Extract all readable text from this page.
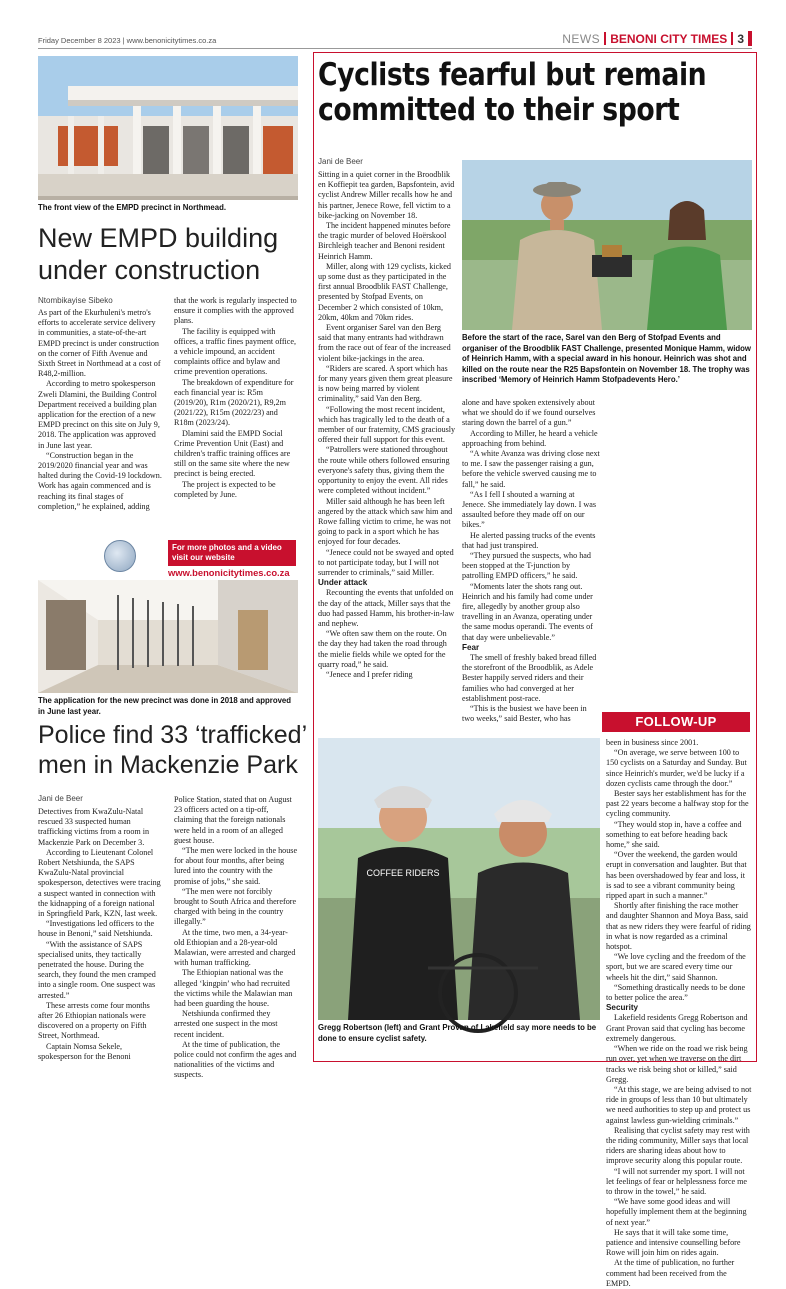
Friday December 8 2023 | www.benonicitytimes.co.za	NEWS BENONI CITY TIMES 3
The front view of the EMPD precinct in Northmead.
New EMPD building
under construction
Ntombikayise Sibeko

As part of the Ekurhuleni's metro's efforts to accelerate service delivery in communities, a state-of-the-art EMPD precinct is under construction on the corner of Fifth Avenue and Sixth Street in Northmead at a cost of R48,2-million.

According to metro spokesperson Zweli Dlamini, the Building Control Department received a building plan application for the erection of a new EMPD precinct on this site on July 9, 2018. The application was approved in June last year.

“Construction began in the 2019/2020 financial year and was halted during the Covid-19 lockdown. Work has again commenced and is reaching its final stages of completion,” he explained, adding

that the work is regularly inspected to ensure it complies with the approved plans.

The facility is equipped with offices, a traffic fines payment office, a vehicle impound, an accident complaints office and bylaw and crime prevention operations.

The breakdown of expenditure for each financial year is: R5m (2019/20), R1m (2020/21), R9,2m (2021/22), R15m (2022/23) and R18m (2023/24).

Dlamini said the EMPD Social Crime Prevention Unit (East) and children's traffic training offices are still on the same site where the new precinct is being erected.

The project is expected to be completed by June.

For more photos and a video visit our website
www.benonicitytimes.co.za
The application for the new precinct was done in 2018 and approved in June last year.
Police find 33 ‘trafficked’
men in Mackenzie Park
Jani de Beer

Detectives from KwaZulu-Natal rescued 33 suspected human trafficking victims from a room in Mackenzie Park on December 3.

According to Lieutenant Colonel Robert Netshiunda, the SAPS KwaZulu-Natal provincial spokesperson, detectives were tracing a suspect wanted in connection with the kidnapping of a foreign national in Springfield Park, KZN, last week.

“Investigations led officers to the house in Benoni,” said Netshiunda.

“With the assistance of SAPS specialised units, they tactically penetrated the house. During the search, they found the men cramped into a single room. One suspect was arrested.”

These arrests come four months after 26 Ethiopian nationals were discovered on a property on Fifth Street, Northmead.

Captain Nomsa Sekele, spokesperson for the Benoni

Police Station, stated that on August 23 officers acted on a tip-off, claiming that the foreign nationals were held in a room of an alleged guest house.

“The men were locked in the house for about four months, after being lured into the country with the promise of jobs,” she said.

“The men were not forcibly brought to South Africa and therefore charged with being in the country illegally.”

At the time, two men, a 34-year-old Ethiopian and a 28-year-old Malawian, were arrested and charged with human trafficking.

The Ethiopian national was the alleged ‘kingpin’ who had recruited the victims while the Malawian man had been guarding the house.

Netshiunda confirmed they arrested one suspect in the most recent incident.

At the time of publication, the police could not confirm the ages and nationalities of the victims and suspects.

Cyclists fearful but remain committed to their sport
Jani de Beer

Sitting in a quiet corner in the Broodblik en Koffiepit tea garden, Bapsfontein, avid cyclist Andrew Miller recalls how he and his partner, Jenece Rowe, fell victim to a bike-jacking on November 18.

The incident happened minutes before the tragic murder of beloved Hoërskool Birchleigh teacher and Benoni resident Heinrich Hamm.

Miller, along with 129 cyclists, kicked up some dust as they participated in the first annual Broodblik FAST Challenge, presented by Stofpad Events, on December 2 which consisted of 10km, 20km, 40km and 70km rides.

Event organiser Sarel van den Berg said that many entrants had withdrawn from the race out of fear of the increased violent bike-jackings in the area.

“Riders are scared. A sport which has for many years given them great pleasure is now being marred by violent criminality,” said Van den Berg.

“Following the most recent incident, which has tragically led to the death of a member of our fraternity, CMS graciously offered their full support for this event.

“Patrollers were stationed throughout the route while others followed ensuring everyone's safety thus, giving them the opportunity to enjoy the event. All rides were completed without incident.”

Miller said although he has been left angered by the attack which saw him and Rowe falling victim to crime, he was not going to pack in a sport which he has enjoyed for four decades.

“Jenece could not be swayed and opted to not participate today, but I will not surrender to criminals,” said Miller.

Under attack

Recounting the events that unfolded on the day of the attack, Miller says that the duo had passed Hamm, his brother-in-law and nephew.

“We often saw them on the route. On the day they had taken the road through the mielie fields while we opted for the quarry road,” he said.

“Jenece and I prefer riding

Before the start of the race, Sarel van den Berg of Stofpad Events and organiser of the Broodblik FAST Challenge, presented Monique Hamm, widow of Heinrich Hamm, with a special award in his honour. Heinrich was shot and killed on the route near the R25 Bapsfontein on November 18. The trophy was inscribed ‘Memory of Heinrich Hamm Stofpadevents Hero.’

alone and have spoken extensively about what we should do if we found ourselves staring down the barrel of a gun.”

According to Miller, he heard a vehicle approaching from behind.

“A white Avanza was driving close next to me. I saw the passenger raising a gun, before the vehicle swerved causing me to fall,” he said.

“As I fell I shouted a warning at Jenece. She immediately lay down. I was assaulted before they made off on our bikes.”

He alerted passing trucks of the events that had just transpired.

“They pursued the suspects, who had been stopped at the T-junction by patrolling EMPD officers,” he said.

“Moments later the shots rang out. Heinrich and his family had come under fire, allegedly by another group also travelling in an Avanza, operating under the same modus operandi. The events of that day were unbelievable.”

Fear

The smell of freshly baked bread filled the storefront of the Broodblik, as Adele Bester happily served riders and their families who had converged at her establishment post-race.

“This is the busiest we have been in two weeks,” said Bester, who has	FOLLOW-UP

been in business since 2001.

“On average, we serve between 100 to 150 cyclists on a Saturday and Sunday. But since Heinrich's murder, we'd be lucky if a dozen cyclists came through the door.”

Bester says her establishment has for the past 22 years become a halfway stop for the cycling community.

“They would stop in, have a coffee and something to eat before heading back home,” she said.

“Over the weekend, the garden would erupt in conversation and laughter. But that has been overshadowed by fear and loss, it is sad to see a vibrant community being ripped apart in such a manner.”

Shortly after finishing the race mother and daughter Shannon and Moya Bass, said that as new riders they were fearful of riding in what is now regarded as a criminal hotspot.

“We love cycling and the freedom of the sport, but we are scared every time our wheels hit the dirt,” said Shannon.

“Something drastically needs to be done to better police the area.”

Security

Lakefield residents Gregg Robertson and Grant Provan said that cycling has become extremely dangerous.

“When we ride on the road we risk being run over, yet when we traverse on the dirt tracks we risk being shot or killed,” said Gregg.

“At this stage, we are being advised to not ride in groups of less than 10 but ultimately we need authorities to step up and protect us against lawless gun-wielding criminals.”

Realising that cyclist safety may rest with the riding community, Miller says that local riders are sharing ideas about how to improve security along this popular route.

“I will not surrender my sport. I will not let feelings of fear or helplessness force me to throw in the towel,” he said.

“We have some good ideas and will hopefully implement them at the beginning of next year.”

He says that it will take some time, patience and intensive counselling before Rowe will join him on rides again.

At the time of publication, no further comment had been received from the EMPD.

COFFEE RIDERS
Gregg Robertson (left) and Grant Provan of Lakefield say more needs to be done to ensure cyclist safety.
